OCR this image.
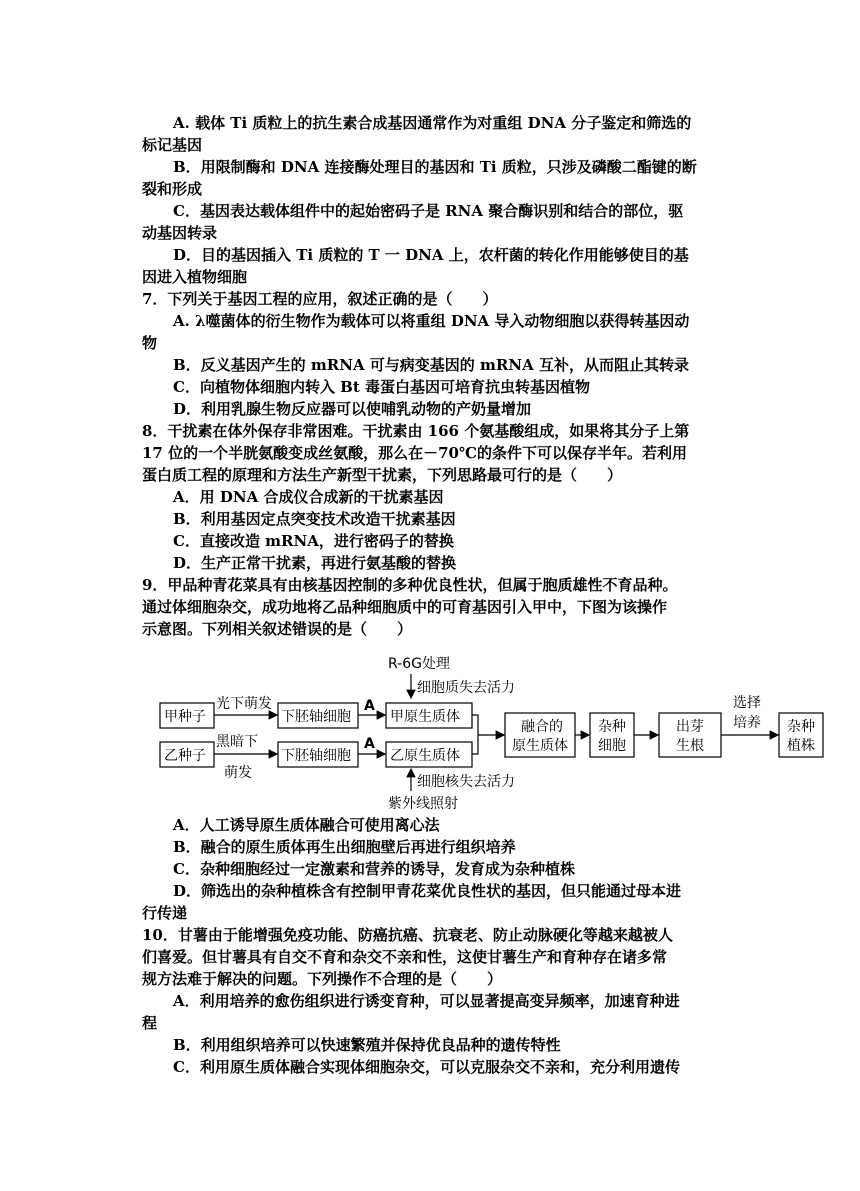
A. 载体 Ti 质粒上的抗生素合成基因通常作为对重组 DNA 分子鉴定和筛选的
标记基因
B．用限制酶和 DNA 连接酶处理目的基因和 Ti 质粒，只涉及磷酸二酯键的断
裂和形成
C．基因表达载体组件中的起始密码子是 RNA 聚合酶识别和结合的部位，驱
动基因转录
D．目的基因插入 Ti 质粒的 T 一 DNA 上，农杆菌的转化作用能够使目的基
因进入植物细胞
7．下列关于基因工程的应用，叙述正确的是（　　）
A. λ噬菌体的衍生物作为载体可以将重组 DNA 导入动物细胞以获得转基因动
物
B．反义基因产生的 mRNA 可与病变基因的 mRNA 互补，从而阻止其转录
C．向植物体细胞内转入 Bt 毒蛋白基因可培育抗虫转基因植物
D．利用乳腺生物反应器可以使哺乳动物的产奶量增加
8．干扰素在体外保存非常困难。干扰素由 166 个氨基酸组成，如果将其分子上第
17 位的一个半胱氨酸变成丝氨酸，那么在－70℃的条件下可以保存半年。若利用
蛋白质工程的原理和方法生产新型干扰素，下列思路最可行的是（　　）
A．用 DNA 合成仪合成新的干扰素基因
B．利用基因定点突变技术改造干扰素基因
C．直接改造 mRNA，进行密码子的替换
D．生产正常干扰素，再进行氨基酸的替换
9．甲品种青花菜具有由核基因控制的多种优良性状，但属于胞质雄性不育品种。
通过体细胞杂交，成功地将乙品种细胞质中的可育基因引入甲中，下图为该操作
示意图。下列相关叙述错误的是（　　）
R-6G处理
细胞质失去活力
甲种子
光下萌发
下胚轴细胞
A
甲原生质体
乙种子
黑暗下
萌发
下胚轴细胞
A
乙原生质体
融合的
原生质体
杂种
细胞
出芽
生根
选择
培养 杂种
植株
细胞核失去活力
紫外线照射
A．人工诱导原生质体融合可使用离心法
B．融合的原生质体再生出细胞壁后再进行组织培养
C．杂种细胞经过一定激素和营养的诱导，发育成为杂种植株
D．筛选出的杂种植株含有控制甲青花菜优良性状的基因，但只能通过母本进
行传递
10．甘薯由于能增强免疫功能、防癌抗癌、抗衰老、防止动脉硬化等越来越被人
们喜爱。但甘薯具有自交不育和杂交不亲和性，这使甘薯生产和育种存在诸多常
规方法难于解决的问题。下列操作不合理的是（　　）
A．利用培养的愈伤组织进行诱变育种，可以显著提高变异频率，加速育种进
程
B．利用组织培养可以快速繁殖并保持优良品种的遗传特性
C．利用原生质体融合实现体细胞杂交，可以克服杂交不亲和，充分利用遗传
